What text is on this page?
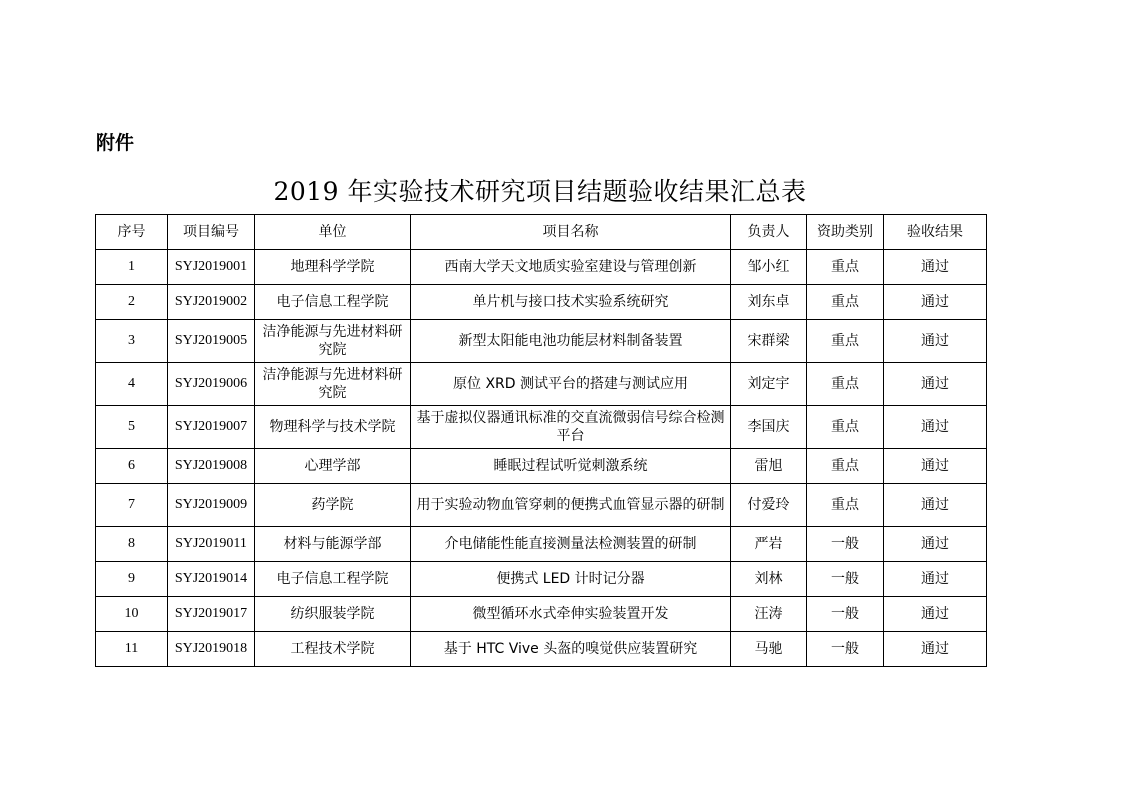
附件
2019 年实验技术研究项目结题验收结果汇总表
序号	项目编号	单位	项目名称	负责人	资助类别	验收结果
1	SYJ2019001	地理科学学院	西南大学天文地质实验室建设与管理创新	邹小红	重点	通过
2	SYJ2019002	电子信息工程学院	单片机与接口技术实验系统研究	刘东卓	重点	通过
3	SYJ2019005	洁净能源与先进材料研究院	新型太阳能电池功能层材料制备装置	宋群梁	重点	通过
4	SYJ2019006	洁净能源与先进材料研究院	原位 XRD 测试平台的搭建与测试应用	刘定宇	重点	通过
5	SYJ2019007	物理科学与技术学院	基于虚拟仪器通讯标准的交直流微弱信号综合检测平台	李国庆	重点	通过
6	SYJ2019008	心理学部	睡眠过程试听觉刺激系统	雷旭	重点	通过
7	SYJ2019009	药学院	用于实验动物血管穿刺的便携式血管显示器的研制	付爱玲	重点	通过
8	SYJ2019011	材料与能源学部	介电储能性能直接测量法检测装置的研制	严岩	一般	通过
9	SYJ2019014	电子信息工程学院	便携式 LED 计时记分器	刘林	一般	通过
10	SYJ2019017	纺织服装学院	微型循环水式牵伸实验装置开发	汪涛	一般	通过
11	SYJ2019018	工程技术学院	基于 HTC Vive 头盔的嗅觉供应装置研究	马驰	一般	通过
